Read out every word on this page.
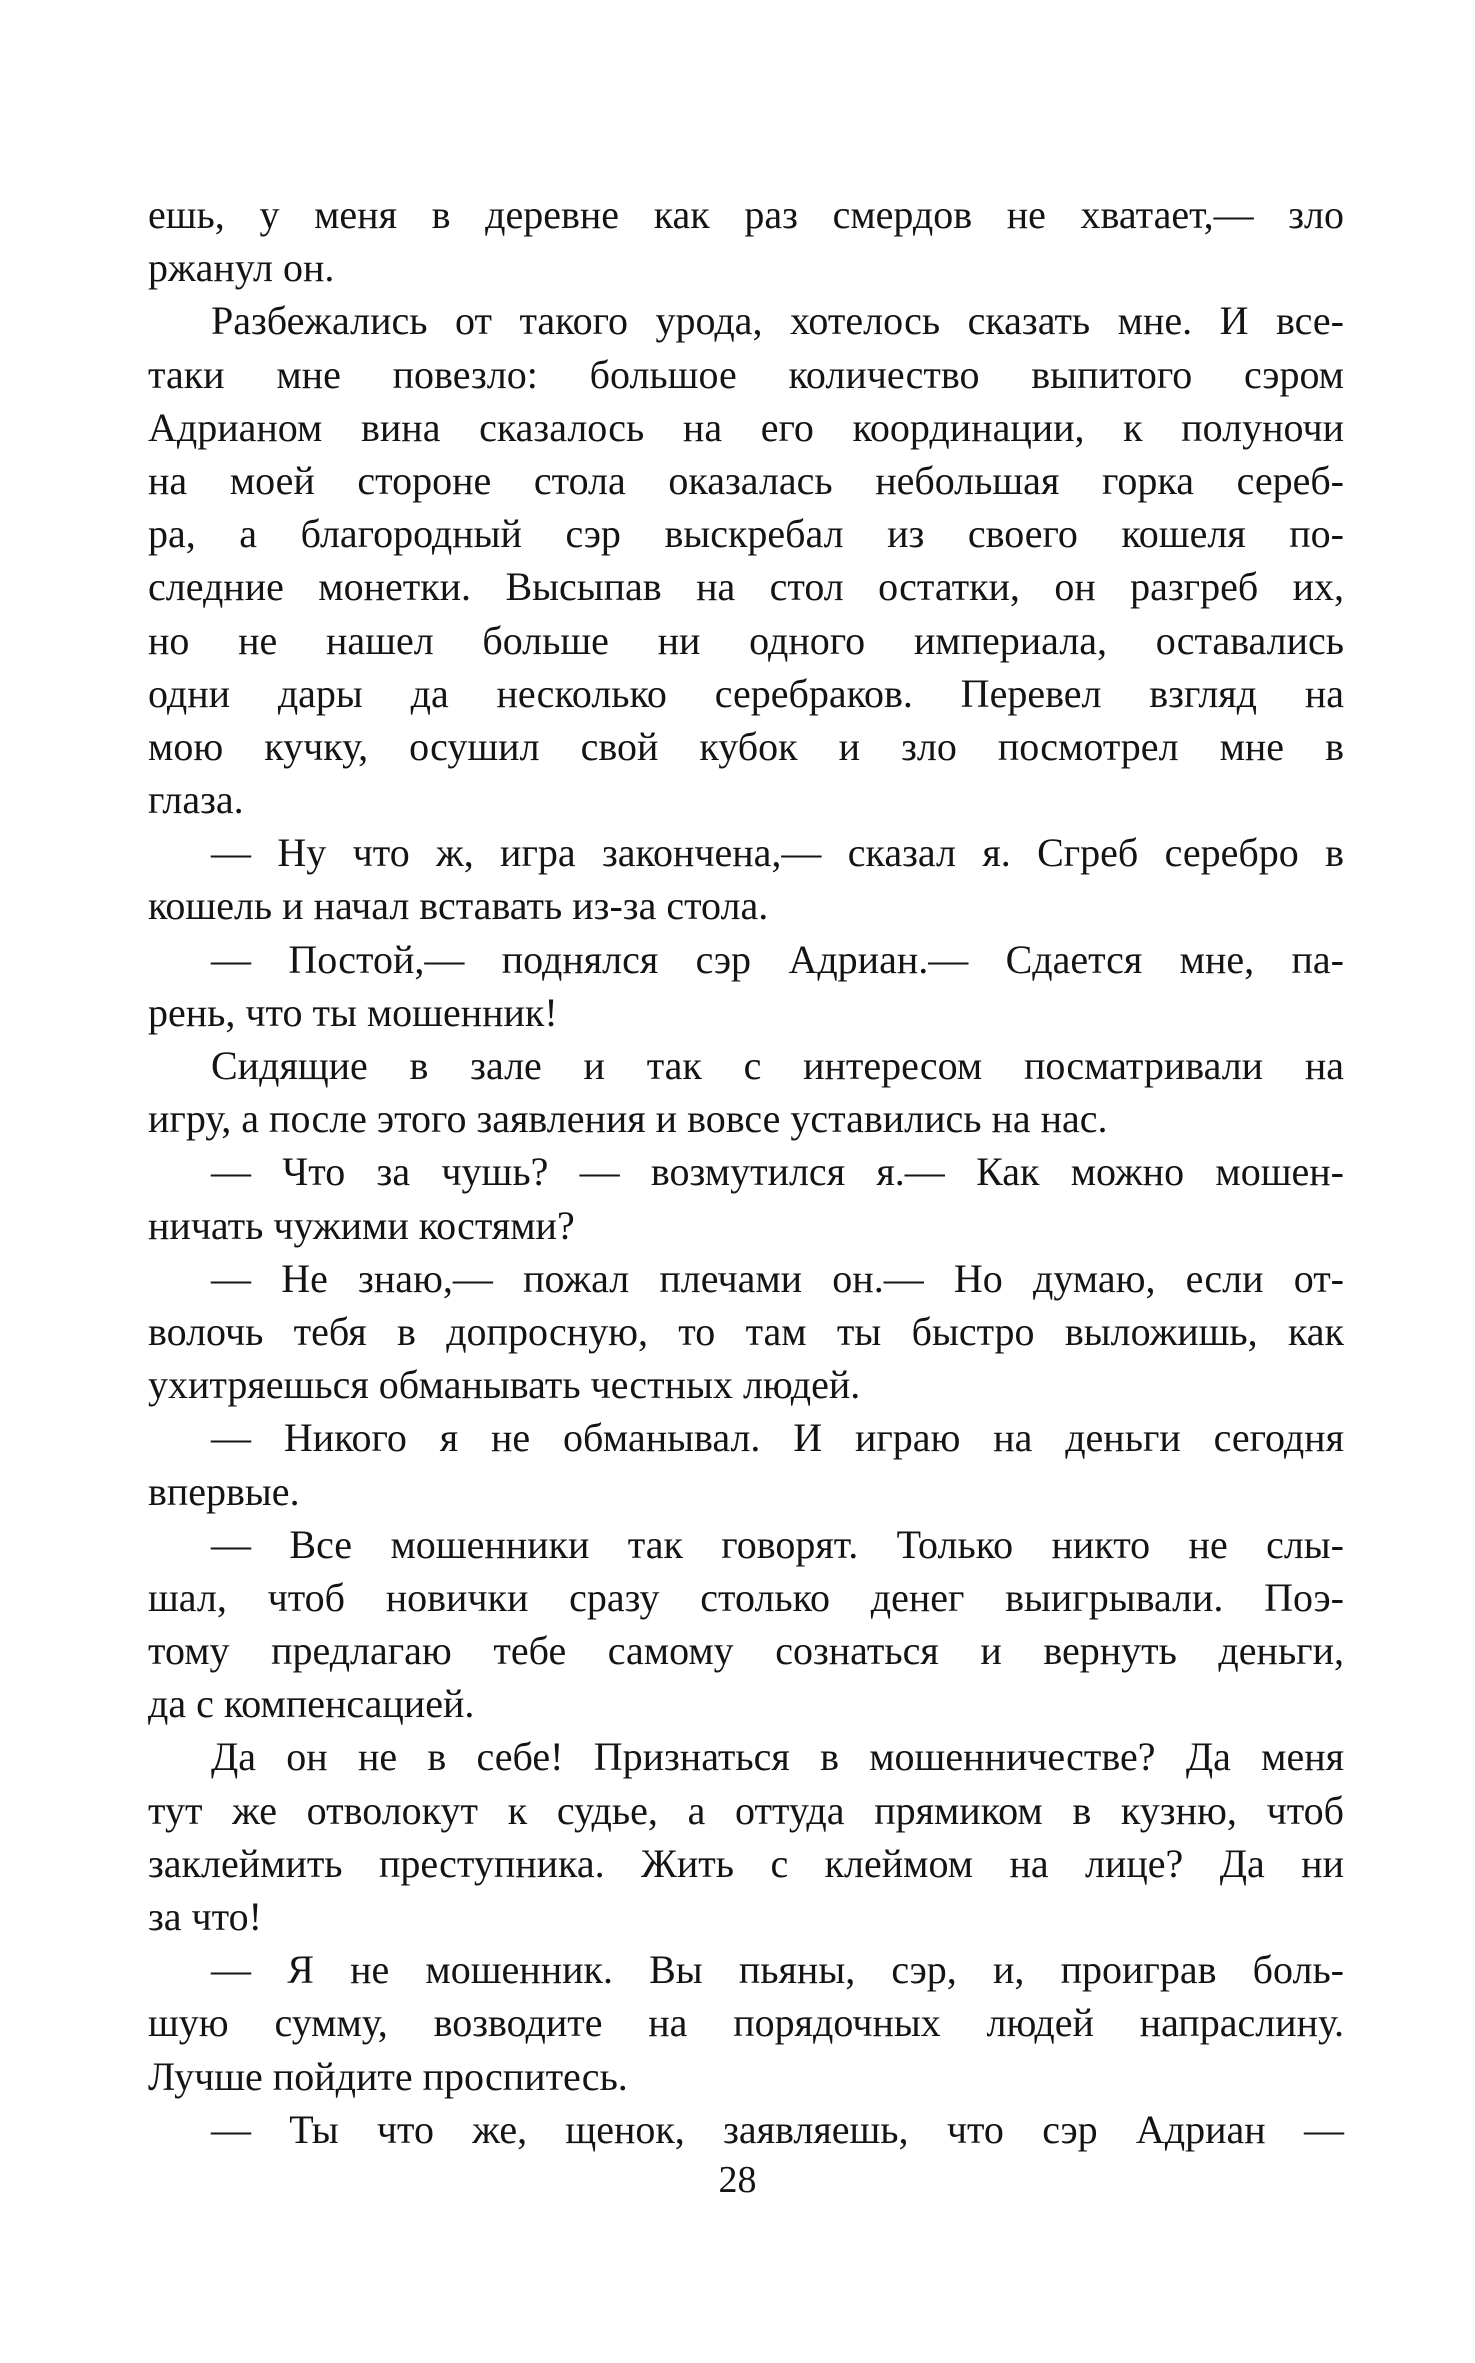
ешь, у меня в деревне как раз смердов не хватает,— зло
ржанул он.
Разбежались от такого урода, хотелось сказать мне. И все-
таки мне повезло: большое количество выпитого сэром
Адрианом вина сказалось на его координации, к полуночи
на моей стороне стола оказалась небольшая горка сереб-
ра, а благородный сэр выскребал из своего кошеля по-
следние монетки. Высыпав на стол остатки, он разгреб их,
но не нашел больше ни одного империала, оставались
одни дары да несколько серебраков. Перевел взгляд на
мою кучку, осушил свой кубок и зло посмотрел мне в
глаза.
— Ну что ж, игра закончена,— сказал я. Сгреб серебро в
кошель и начал вставать из-за стола.
— Постой,— поднялся сэр Адриан.— Сдается мне, па-
рень, что ты мошенник!
Сидящие в зале и так с интересом посматривали на
игру, а после этого заявления и вовсе уставились на нас.
— Что за чушь? — возмутился я.— Как можно мошен-
ничать чужими костями?
— Не знаю,— пожал плечами он.— Но думаю, если от-
волочь тебя в допросную, то там ты быстро выложишь, как
ухитряешься обманывать честных людей.
— Никого я не обманывал. И играю на деньги сегодня
впервые.
— Все мошенники так говорят. Только никто не слы-
шал, чтоб новички сразу столько денег выигрывали. Поэ-
тому предлагаю тебе самому сознаться и вернуть деньги,
да с компенсацией.
Да он не в себе! Признаться в мошенничестве? Да меня
тут же отволокут к судье, а оттуда прямиком в кузню, чтоб
заклеймить преступника. Жить с клеймом на лице? Да ни
за что!
— Я не мошенник. Вы пьяны, сэр, и, проиграв боль-
шую сумму, возводите на порядочных людей напраслину.
Лучше пойдите проспитесь.
— Ты что же, щенок, заявляешь, что сэр Адриан —
28
